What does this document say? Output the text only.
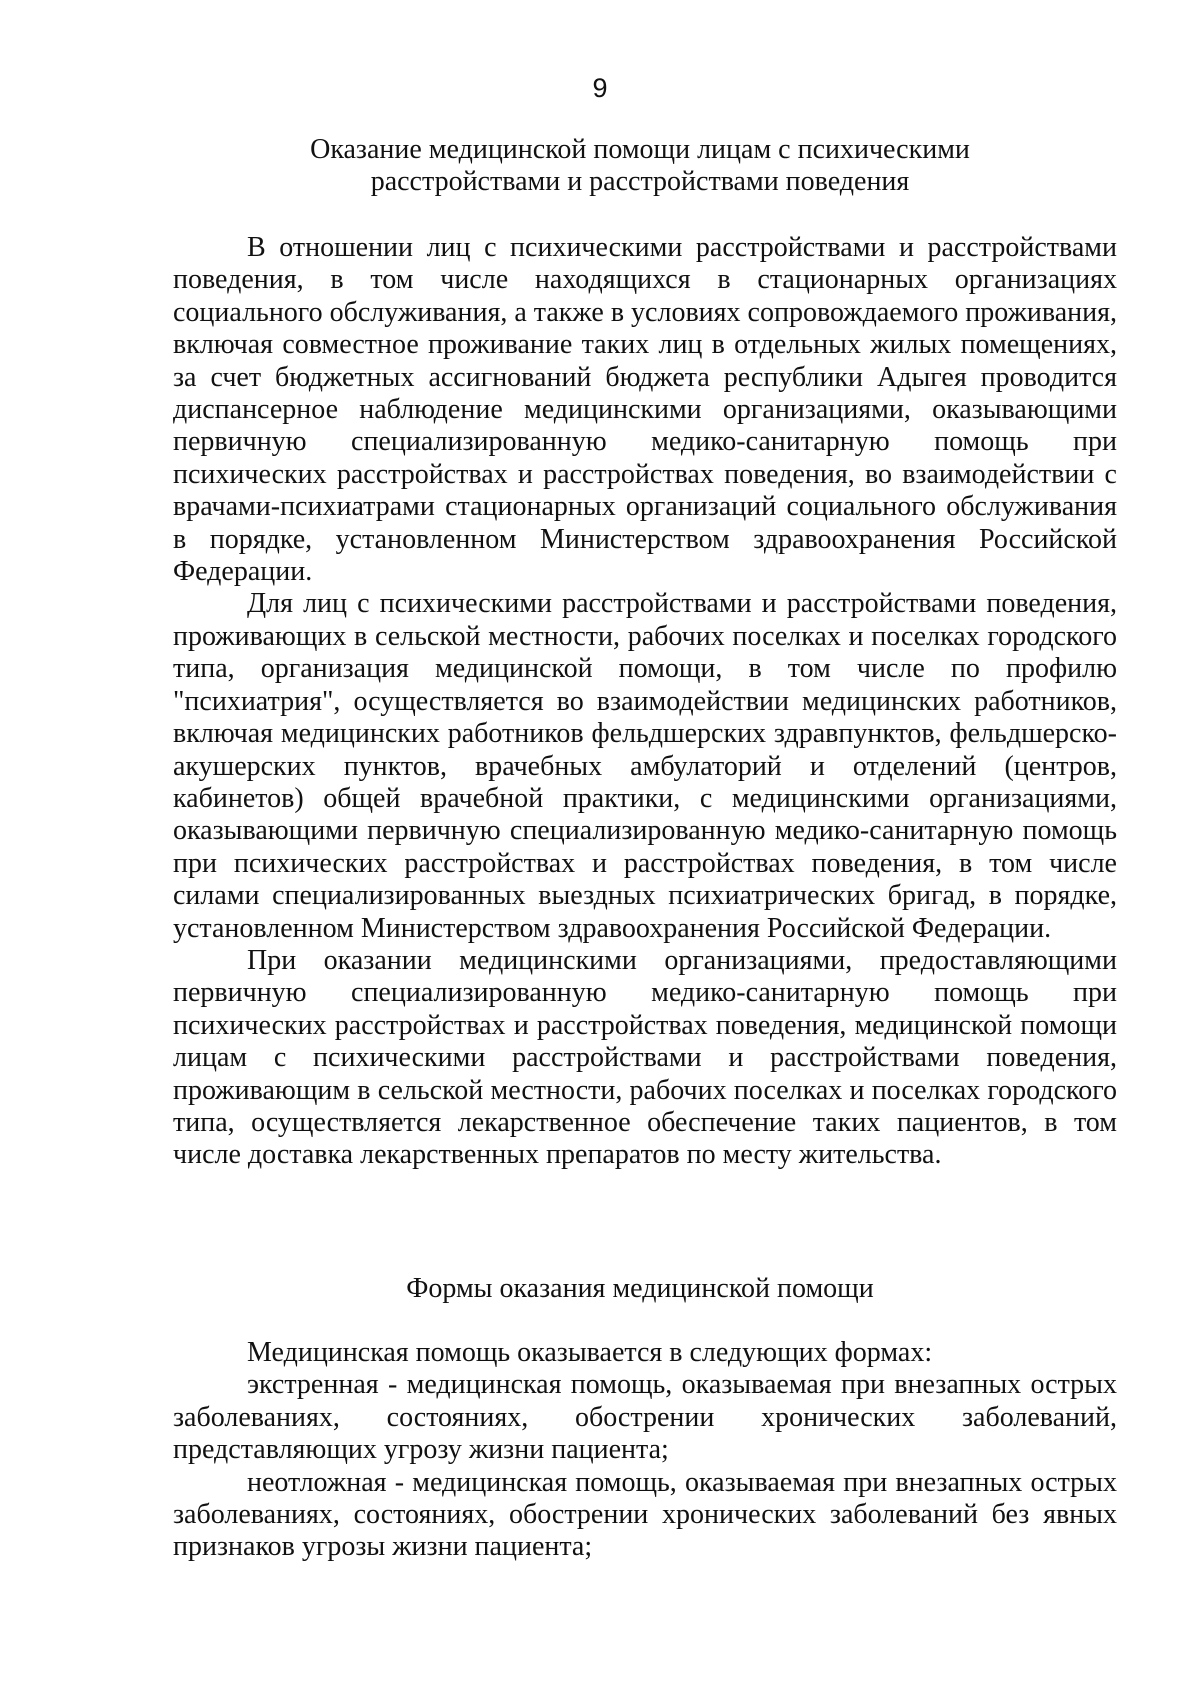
9
Оказание медицинской помощи лицам с психическими
расстройствами и расстройствами поведения

В отношении лиц с психическими расстройствами и расстройствами поведения, в том числе находящихся в стационарных организациях социального обслуживания, а также в условиях сопровождаемого проживания, включая совместное проживание таких лиц в отдельных жилых помещениях, за счет бюджетных ассигнований бюджета республики Адыгея проводится диспансерное наблюдение медицинскими организациями, оказывающими первичную специализированную медико-санитарную помощь при психических расстройствах и расстройствах поведения, во взаимодействии с врачами-психиатрами стационарных организаций социального обслуживания в порядке, установленном Министерством здравоохранения Российской Федерации.

Для лиц с психическими расстройствами и расстройствами поведения, проживающих в сельской местности, рабочих поселках и поселках городского типа, организация медицинской помощи, в том числе по профилю "психиатрия", осуществляется во взаимодействии медицинских работников, включая медицинских работников фельдшерских здравпунктов, фельдшерско-акушерских пунктов, врачебных амбулаторий и отделений (центров, кабинетов) общей врачебной практики, с медицинскими организациями, оказывающими первичную специализированную медико-санитарную помощь при психических расстройствах и расстройствах поведения, в том числе силами специализированных выездных психиатрических бригад, в порядке, установленном Министерством здравоохранения Российской Федерации.

При оказании медицинскими организациями, предоставляющими первичную специализированную медико-санитарную помощь при психических расстройствах и расстройствах поведения, медицинской помощи лицам с психическими расстройствами и расстройствами поведения, проживающим в сельской местности, рабочих поселках и поселках городского типа, осуществляется лекарственное обеспечение таких пациентов, в том числе доставка лекарственных препаратов по месту жительства.

Формы оказания медицинской помощи

Медицинская помощь оказывается в следующих формах:

экстренная - медицинская помощь, оказываемая при внезапных острых заболеваниях, состояниях, обострении хронических заболеваний, представляющих угрозу жизни пациента;

неотложная - медицинская помощь, оказываемая при внезапных острых заболеваниях, состояниях, обострении хронических заболеваний без явных признаков угрозы жизни пациента;
